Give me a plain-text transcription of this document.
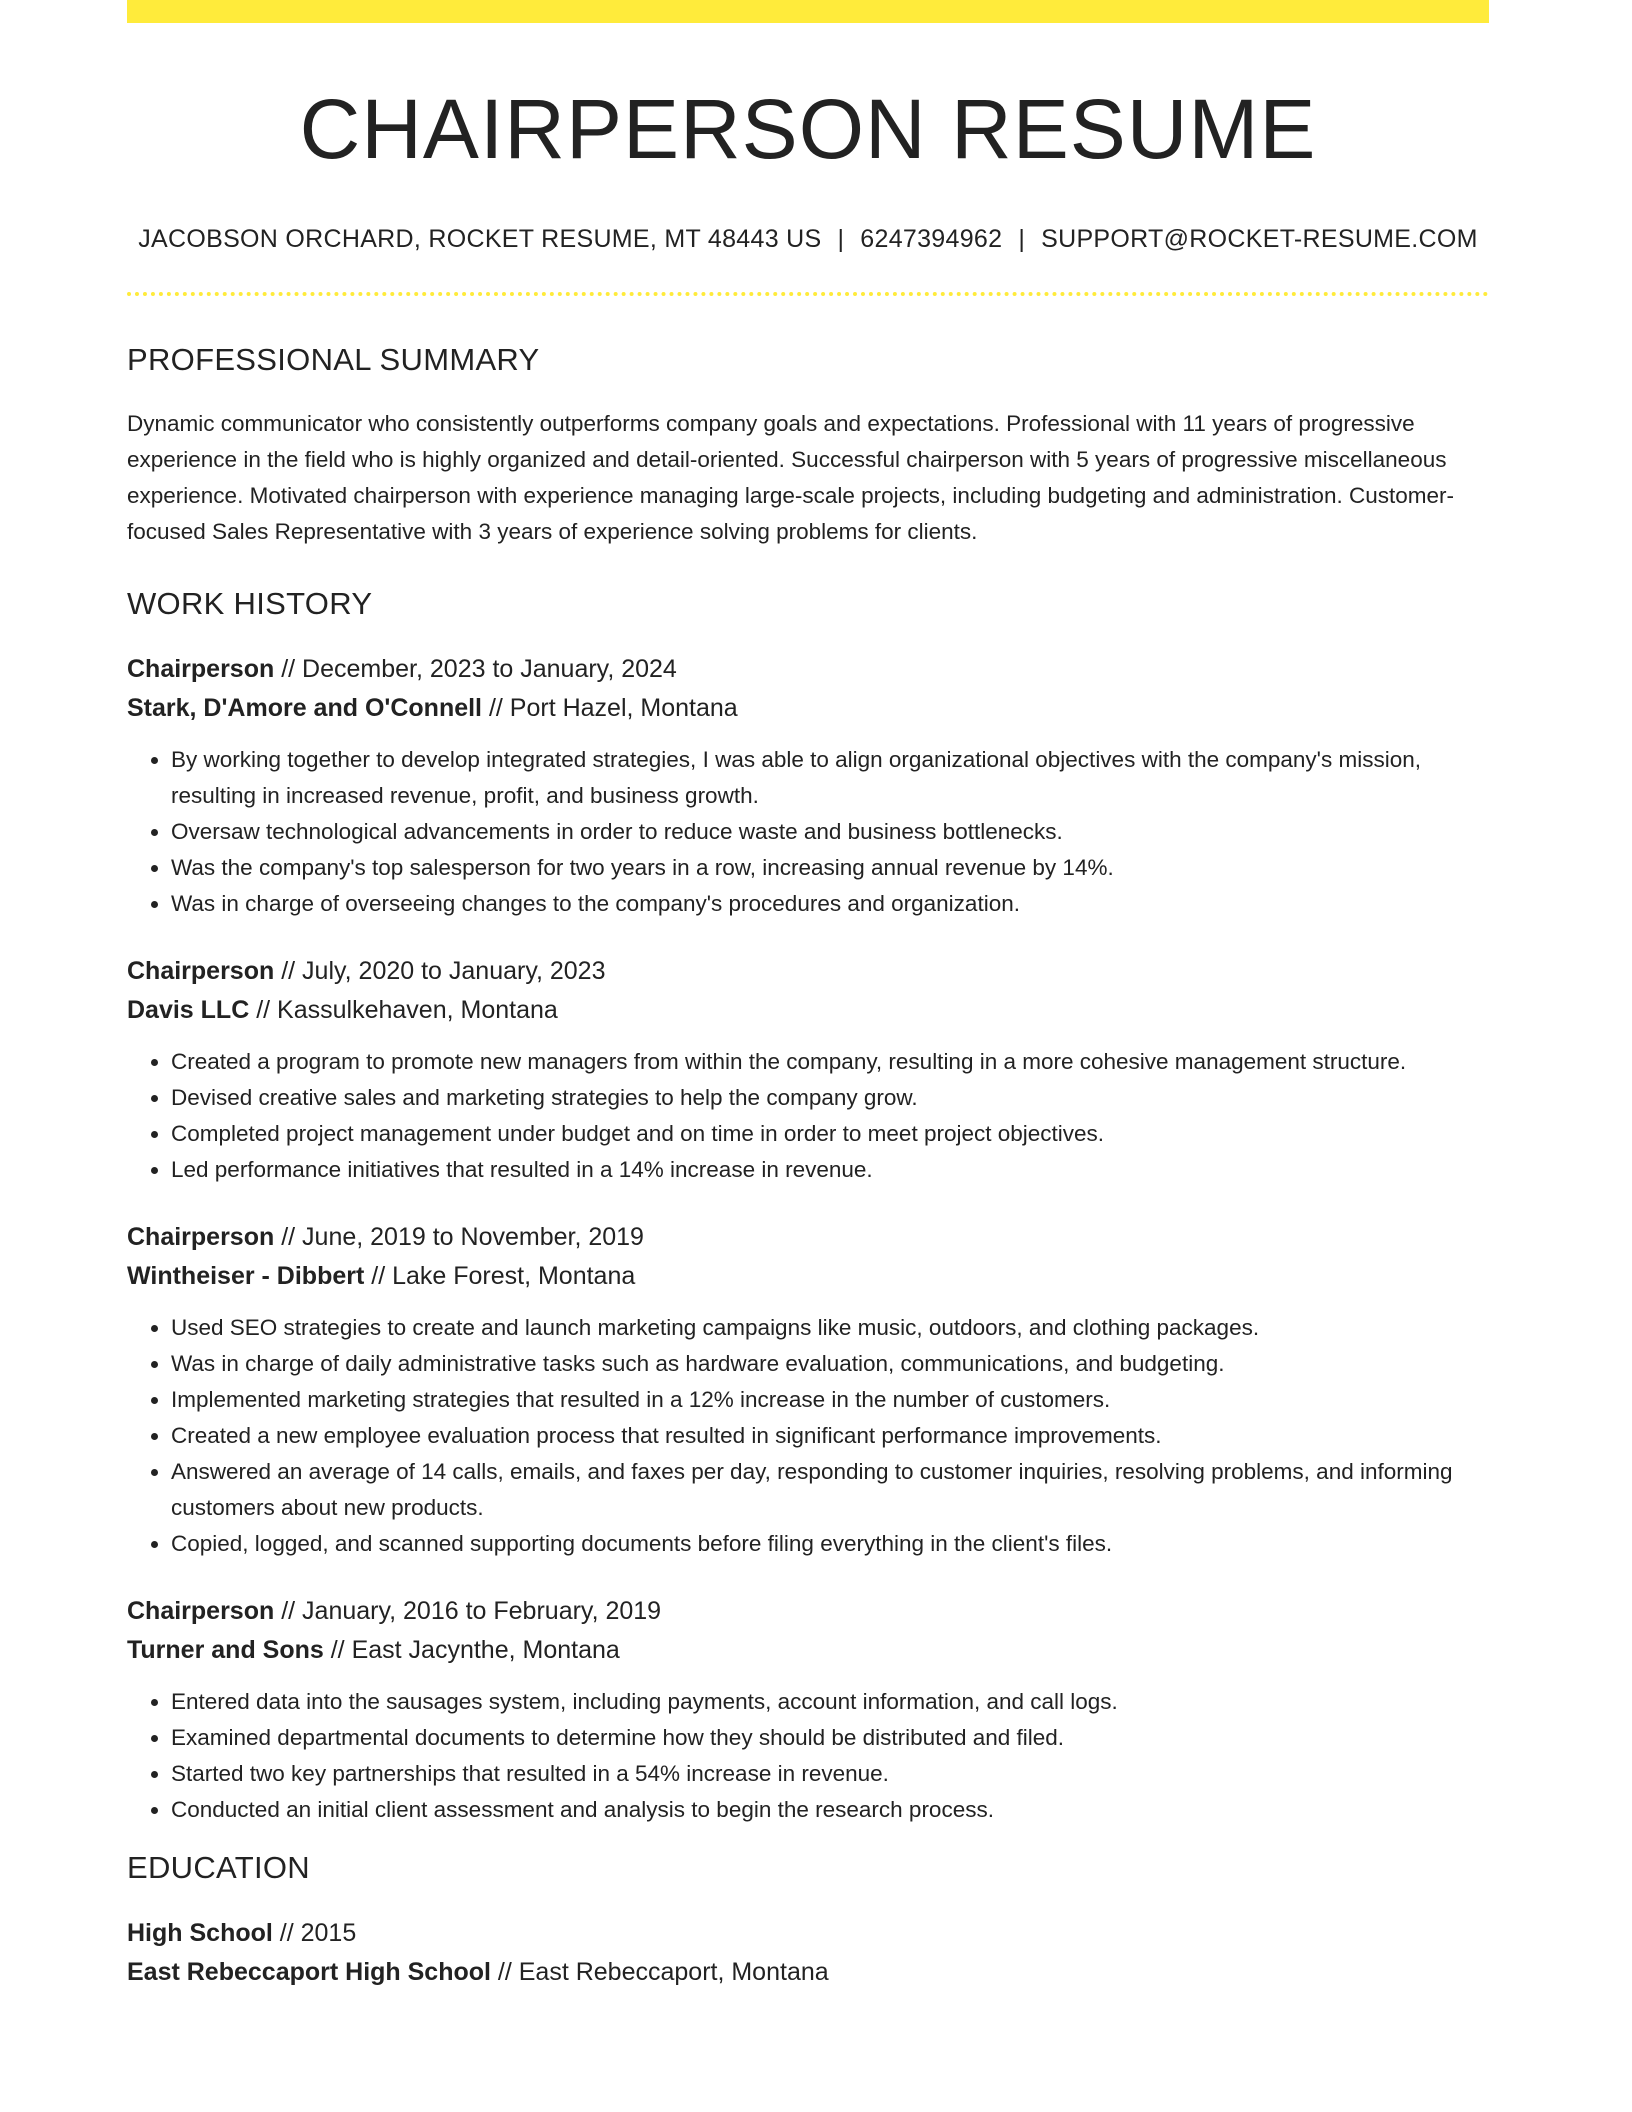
CHAIRPERSON RESUME
JACOBSON ORCHARD, ROCKET RESUME, MT 48443 US | 6247394962 | SUPPORT@ROCKET-RESUME.COM
PROFESSIONAL SUMMARY

Dynamic communicator who consistently outperforms company goals and expectations. Professional with 11 years of progressive experience in the field who is highly organized and detail-oriented. Successful chairperson with 5 years of progressive miscellaneous experience. Motivated chairperson with experience managing large-scale projects, including budgeting and administration. Customer-focused Sales Representative with 3 years of experience solving problems for clients.

WORK HISTORY
Chairperson // December, 2023 to January, 2024
Stark, D'Amore and O'Connell // Port Hazel, Montana
• By working together to develop integrated strategies, I was able to align organizational objectives with the company's mission, resulting in increased revenue, profit, and business growth.
• Oversaw technological advancements in order to reduce waste and business bottlenecks.
• Was the company's top salesperson for two years in a row, increasing annual revenue by 14%.
• Was in charge of overseeing changes to the company's procedures and organization.
Chairperson // July, 2020 to January, 2023
Davis LLC // Kassulkehaven, Montana
• Created a program to promote new managers from within the company, resulting in a more cohesive management structure.
• Devised creative sales and marketing strategies to help the company grow.
• Completed project management under budget and on time in order to meet project objectives.
• Led performance initiatives that resulted in a 14% increase in revenue.
Chairperson // June, 2019 to November, 2019
Wintheiser - Dibbert // Lake Forest, Montana
• Used SEO strategies to create and launch marketing campaigns like music, outdoors, and clothing packages.
• Was in charge of daily administrative tasks such as hardware evaluation, communications, and budgeting.
• Implemented marketing strategies that resulted in a 12% increase in the number of customers.
• Created a new employee evaluation process that resulted in significant performance improvements.
• Answered an average of 14 calls, emails, and faxes per day, responding to customer inquiries, resolving problems, and informing customers about new products.
• Copied, logged, and scanned supporting documents before filing everything in the client's files.
Chairperson // January, 2016 to February, 2019
Turner and Sons // East Jacynthe, Montana
• Entered data into the sausages system, including payments, account information, and call logs.
• Examined departmental documents to determine how they should be distributed and filed.
• Started two key partnerships that resulted in a 54% increase in revenue.
• Conducted an initial client assessment and analysis to begin the research process.
EDUCATION
High School // 2015
East Rebeccaport High School // East Rebeccaport, Montana
